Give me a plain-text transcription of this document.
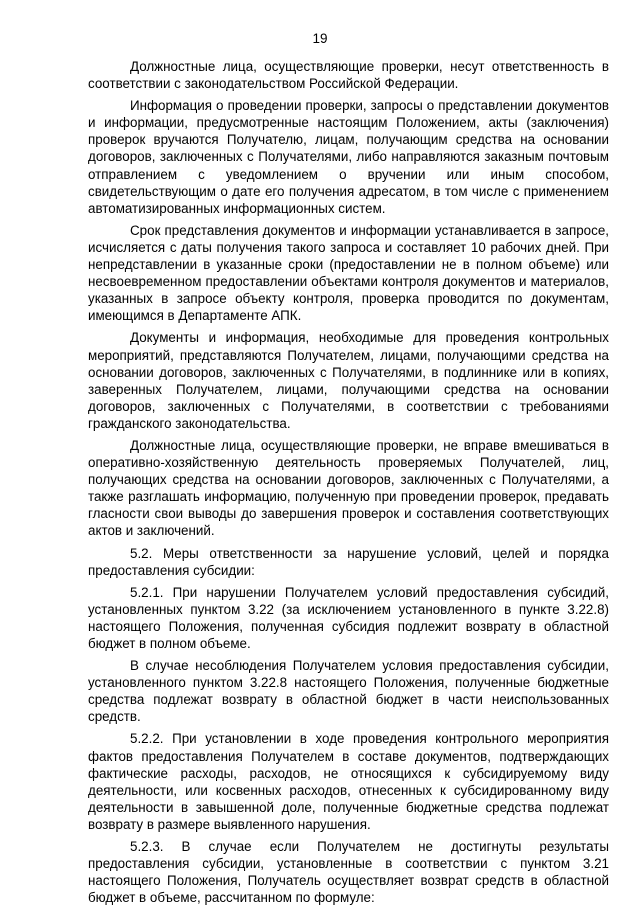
19

Должностные лица, осуществляющие проверки, несут ответственность в соответствии с законодательством Российской Федерации.

Информация о проведении проверки, запросы о представлении документов и информации, предусмотренные настоящим Положением, акты (заключения) проверок вручаются Получателю, лицам, получающим средства на основании договоров, заключенных с Получателями, либо направляются заказным почтовым отправлением с уведомлением о вручении или иным способом, свидетельствующим о дате его получения адресатом, в том числе с применением автоматизированных информационных систем.

Срок представления документов и информации устанавливается в запросе, исчисляется с даты получения такого запроса и составляет 10 рабочих дней. При непредставлении в указанные сроки (предоставлении не в полном объеме) или несвоевременном предоставлении объектами контроля документов и материалов, указанных в запросе объекту контроля, проверка проводится по документам, имеющимся в Департаменте АПК.

Документы и информация, необходимые для проведения контрольных мероприятий, представляются Получателем, лицами, получающими средства на основании договоров, заключенных с Получателями, в подлиннике или в копиях, заверенных Получателем, лицами, получающими средства на основании договоров, заключенных с Получателями, в соответствии с требованиями гражданского законодательства.

Должностные лица, осуществляющие проверки, не вправе вмешиваться в оперативно-хозяйственную деятельность проверяемых Получателей, лиц, получающих средства на основании договоров, заключенных с Получателями, а также разглашать информацию, полученную при проведении проверок, предавать гласности свои выводы до завершения проверок и составления соответствующих актов и заключений.

5.2. Меры ответственности за нарушение условий, целей и порядка предоставления субсидии:

5.2.1. При нарушении Получателем условий предоставления субсидий, установленных пунктом 3.22 (за исключением установленного в пункте 3.22.8) настоящего Положения, полученная субсидия подлежит возврату в областной бюджет в полном объеме.

В случае несоблюдения Получателем условия предоставления субсидии, установленного пунктом 3.22.8 настоящего Положения, полученные бюджетные средства подлежат возврату в областной бюджет в части неиспользованных средств.

5.2.2. При установлении в ходе проведения контрольного мероприятия фактов предоставления Получателем в составе документов, подтверждающих фактические расходы, расходов, не относящихся к субсидируемому виду деятельности, или косвенных расходов, отнесенных к субсидированному виду деятельности в завышенной доле, полученные бюджетные средства подлежат возврату в размере выявленного нарушения.

5.2.3. В случае если Получателем не достигнуты результаты предоставления субсидии, установленные в соответствии с пунктом 3.21 настоящего Положения, Получатель осуществляет возврат средств в областной бюджет в объеме, рассчитанном по формуле:
